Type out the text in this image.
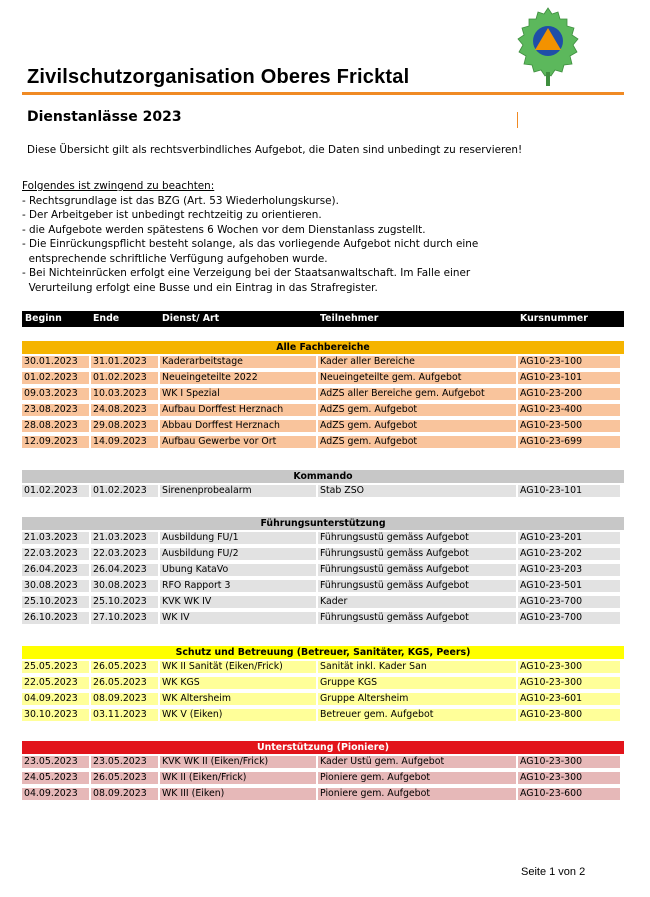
Zivilschutzorganisation Oberes Fricktal
Dienstanlässe 2023
Diese Übersicht gilt als rechtsverbindliches Aufgebot, die Daten sind unbedingt zu reservieren!
Folgendes ist zwingend zu beachten:
- Rechtsgrundlage ist das BZG (Art. 53 Wiederholungskurse).
- Der Arbeitgeber ist unbedingt rechtzeitig zu orientieren.
- die Aufgebote werden spätestens 6 Wochen vor dem Dienstanlass zugstellt.
- Die Einrückungspflicht besteht solange, als das vorliegende Aufgebot nicht durch eine
entsprechende schriftliche Verfügung aufgehoben wurde.
- Bei Nichteinrücken erfolgt eine Verzeigung bei der Staatsanwaltschaft. Im Falle einer
Verurteilung erfolgt eine Busse und ein Eintrag in das Strafregister.
Beginn	Ende	Dienst/ Art	Teilnehmer	Kursnummer
Alle Fachbereiche
30.01.2023	31.01.2023	Kaderarbeitstage	Kader aller Bereiche	AG10-23-100
01.02.2023	01.02.2023	Neueingeteilte 2022	Neueingeteilte gem. Aufgebot	AG10-23-101
09.03.2023	10.03.2023	WK I Spezial	AdZS aller Bereiche gem. Aufgebot	AG10-23-200
23.08.2023	24.08.2023	Aufbau Dorffest Herznach	AdZS gem. Aufgebot	AG10-23-400
28.08.2023	29.08.2023	Abbau Dorffest Herznach	AdZS gem. Aufgebot	AG10-23-500
12.09.2023	14.09.2023	Aufbau Gewerbe vor Ort	AdZS gem. Aufgebot	AG10-23-699
Kommando
01.02.2023	01.02.2023	Sirenenprobealarm	Stab ZSO	AG10-23-101
Führungsunterstützung
21.03.2023	21.03.2023	Ausbildung FU/1	Führungsustü gemäss Aufgebot	AG10-23-201
22.03.2023	22.03.2023	Ausbildung FU/2	Führungsustü gemäss Aufgebot	AG10-23-202
26.04.2023	26.04.2023	Übung KataVo	Führungsustü gemäss Aufgebot	AG10-23-203
30.08.2023	30.08.2023	RFO Rapport 3	Führungsustü gemäss Aufgebot	AG10-23-501
25.10.2023	25.10.2023	KVK WK IV	Kader	AG10-23-700
26.10.2023	27.10.2023	WK IV	Führungsustü gemäss Aufgebot	AG10-23-700
Schutz und Betreuung (Betreuer, Sanitäter, KGS, Peers)
25.05.2023	26.05.2023	WK II Sanität (Eiken/Frick)	Sanität inkl. Kader San	AG10-23-300
22.05.2023	26.05.2023	WK KGS	Gruppe KGS	AG10-23-300
04.09.2023	08.09.2023	WK Altersheim	Gruppe Altersheim	AG10-23-601
30.10.2023	03.11.2023	WK V (Eiken)	Betreuer gem. Aufgebot	AG10-23-800
Unterstützung (Pioniere)
23.05.2023	23.05.2023	KVK WK II (Eiken/Frick)	Kader Ustü gem. Aufgebot	AG10-23-300
24.05.2023	26.05.2023	WK II (Eiken/Frick)	Pioniere gem. Aufgebot	AG10-23-300
04.09.2023	08.09.2023	WK III (Eiken)	Pioniere gem. Aufgebot	AG10-23-600
Seite 1 von 2
